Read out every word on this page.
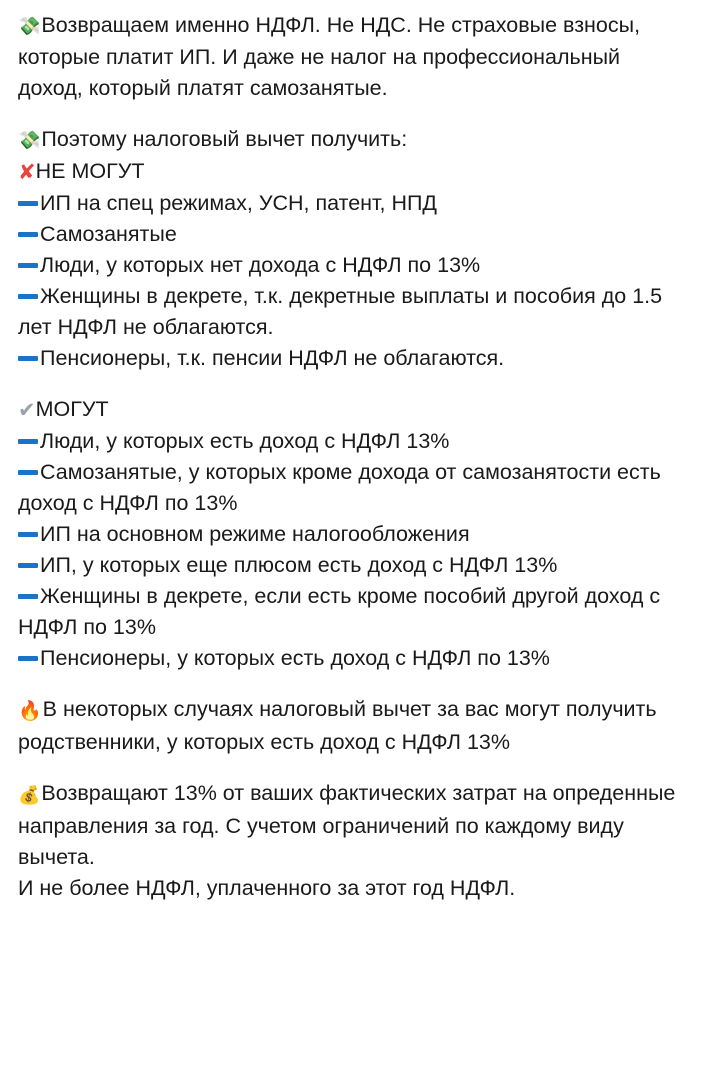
💸Возвращаем именно НДФЛ. Не НДС. Не страховые взносы, которые платит ИП. И даже не налог на профессиональный доход, который платят самозанятые.

💸Поэтому налоговый вычет получить:

✘НЕ МОГУТ

ИП на спец режимах, УСН, патент, НПД
Самозанятые
Люди, у которых нет дохода с НДФЛ по 13%
Женщины в декрете, т.к. декретные выплаты и пособия до 1.5 лет НДФЛ не облагаются.
Пенсионеры, т.к. пенсии НДФЛ не облагаются.

✔МОГУТ

Люди, у которых есть доход с НДФЛ 13%
Самозанятые, у которых кроме дохода от самозанятости есть доход с НДФЛ по 13%
ИП на основном режиме налогообложения
ИП, у которых еще плюсом есть доход с НДФЛ 13%
Женщины в декрете, если есть кроме пособий другой доход с НДФЛ по 13%
Пенсионеры, у которых есть доход с НДФЛ по 13%

🔥В некоторых случаях налоговый вычет за вас могут получить родственники, у которых есть доход с НДФЛ 13%

💰Возвращают 13% от ваших фактических затрат на опреденные направления за год. С учетом ограничений по каждому виду вычета.

И не более НДФЛ, уплаченного за этот год НДФЛ.
